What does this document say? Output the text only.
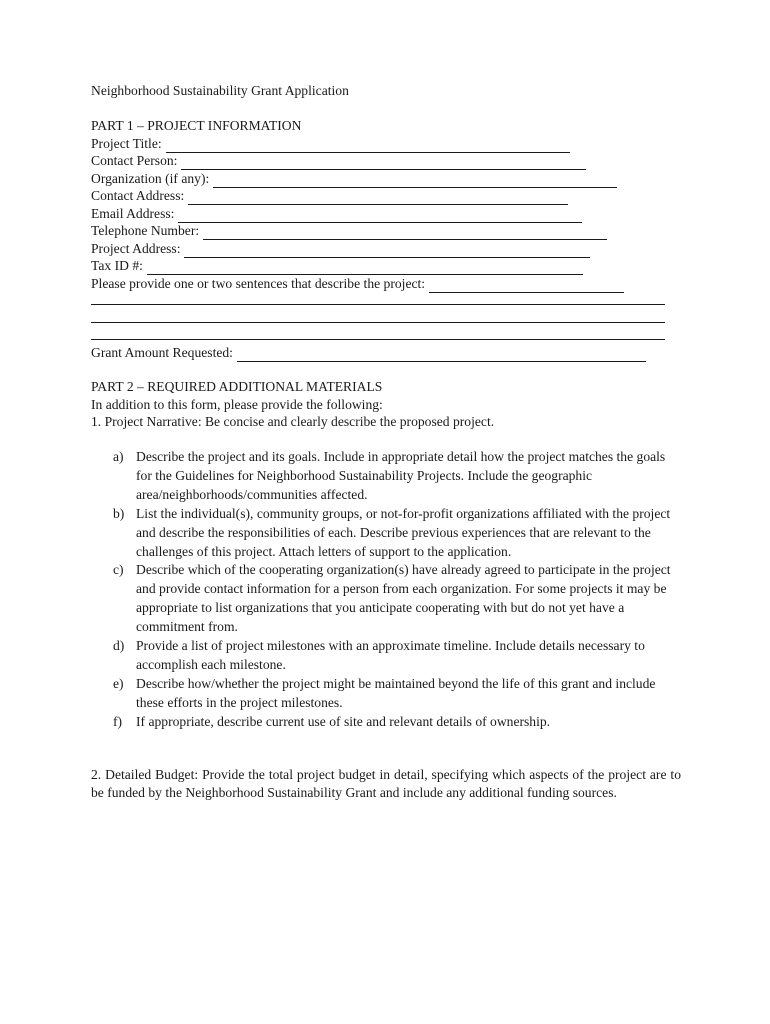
Neighborhood Sustainability Grant Application
PART 1 – PROJECT INFORMATION
Project Title:
Contact Person:
Organization (if any):
Contact Address:
Email Address:
Telephone Number:
Project Address:
Tax ID #:
Please provide one or two sentences that describe the project:
Grant Amount Requested:
PART 2 – REQUIRED ADDITIONAL MATERIALS
In addition to this form, please provide the following:
1. Project Narrative: Be concise and clearly describe the proposed project.

a) Describe the project and its goals. Include in appropriate detail how the project matches the goals for the Guidelines for Neighborhood Sustainability Projects. Include the geographic area/neighborhoods/communities affected.

b) List the individual(s), community groups, or not-for-profit organizations affiliated with the project and describe the responsibilities of each. Describe previous experiences that are relevant to the challenges of this project. Attach letters of support to the application.

c) Describe which of the cooperating organization(s) have already agreed to participate in the project and provide contact information for a person from each organization. For some projects it may be appropriate to list organizations that you anticipate cooperating with but do not yet have a commitment from.

d) Provide a list of project milestones with an approximate timeline. Include details necessary to accomplish each milestone.

e) Describe how/whether the project might be maintained beyond the life of this grant and include these efforts in the project milestones.

f) If appropriate, describe current use of site and relevant details of ownership.

2. Detailed Budget: Provide the total project budget in detail, specifying which aspects of the project are to be funded by the Neighborhood Sustainability Grant and include any additional funding sources.
